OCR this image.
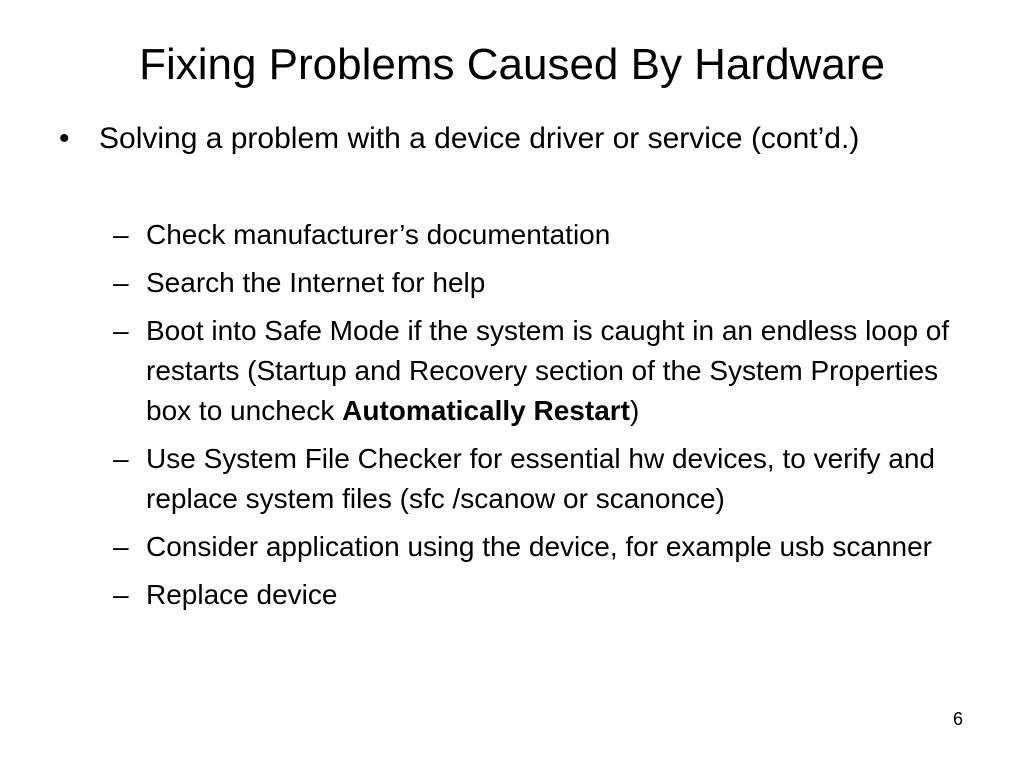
Fixing Problems Caused By Hardware
• Solving a problem with a device driver or service (cont’d.)
– Check manufacturer’s documentation
– Search the Internet for help
– Boot into Safe Mode if the system is caught in an endless loop of restarts (Startup and Recovery section of the System Properties box to uncheck Automatically Restart)
– Use System File Checker for essential hw devices, to verify and replace system files (sfc /scanow or scanonce)
– Consider application using the device, for example usb scanner
– Replace device
6
